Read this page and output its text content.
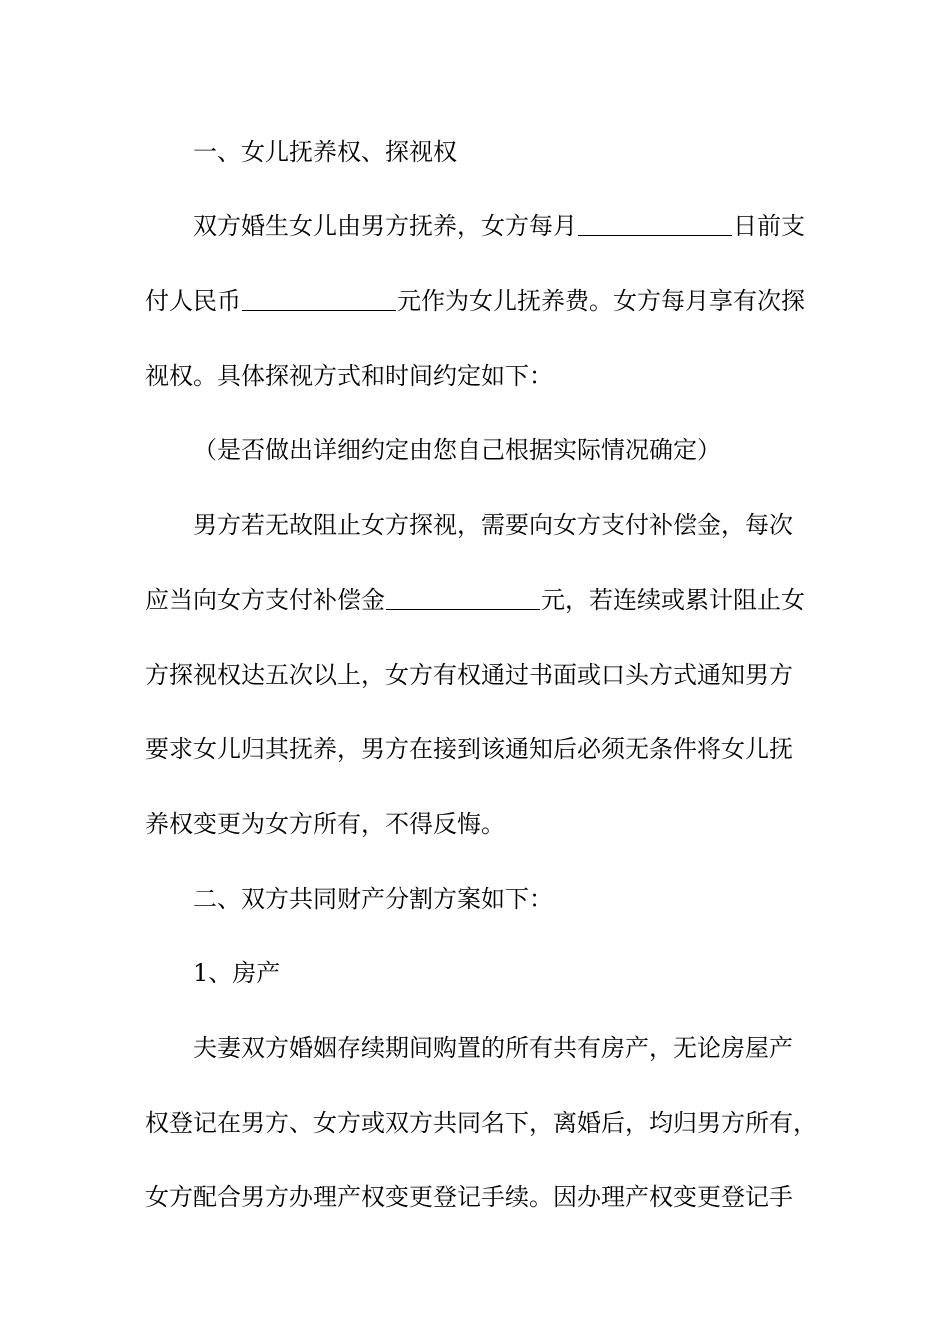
一、女儿抚养权、探视权
双方婚生女儿由男方抚养，女方每月	日前支
付人民币	元作为女儿抚养费。女方每月享有次探
视权。具体探视方式和时间约定如下：
（是否做出详细约定由您自己根据实际情况确定）
男方若无故阻止女方探视，需要向女方支付补偿金，每次
应当向女方支付补偿金	元，若连续或累计阻止女
方探视权达五次以上，女方有权通过书面或口头方式通知男方
要求女儿归其抚养，男方在接到该通知后必须无条件将女儿抚
养权变更为女方所有，不得反悔。
二、双方共同财产分割方案如下：
1、房产
夫妻双方婚姻存续期间购置的所有共有房产，无论房屋产
权登记在男方、女方或双方共同名下，离婚后，均归男方所有，
女方配合男方办理产权变更登记手续。因办理产权变更登记手
